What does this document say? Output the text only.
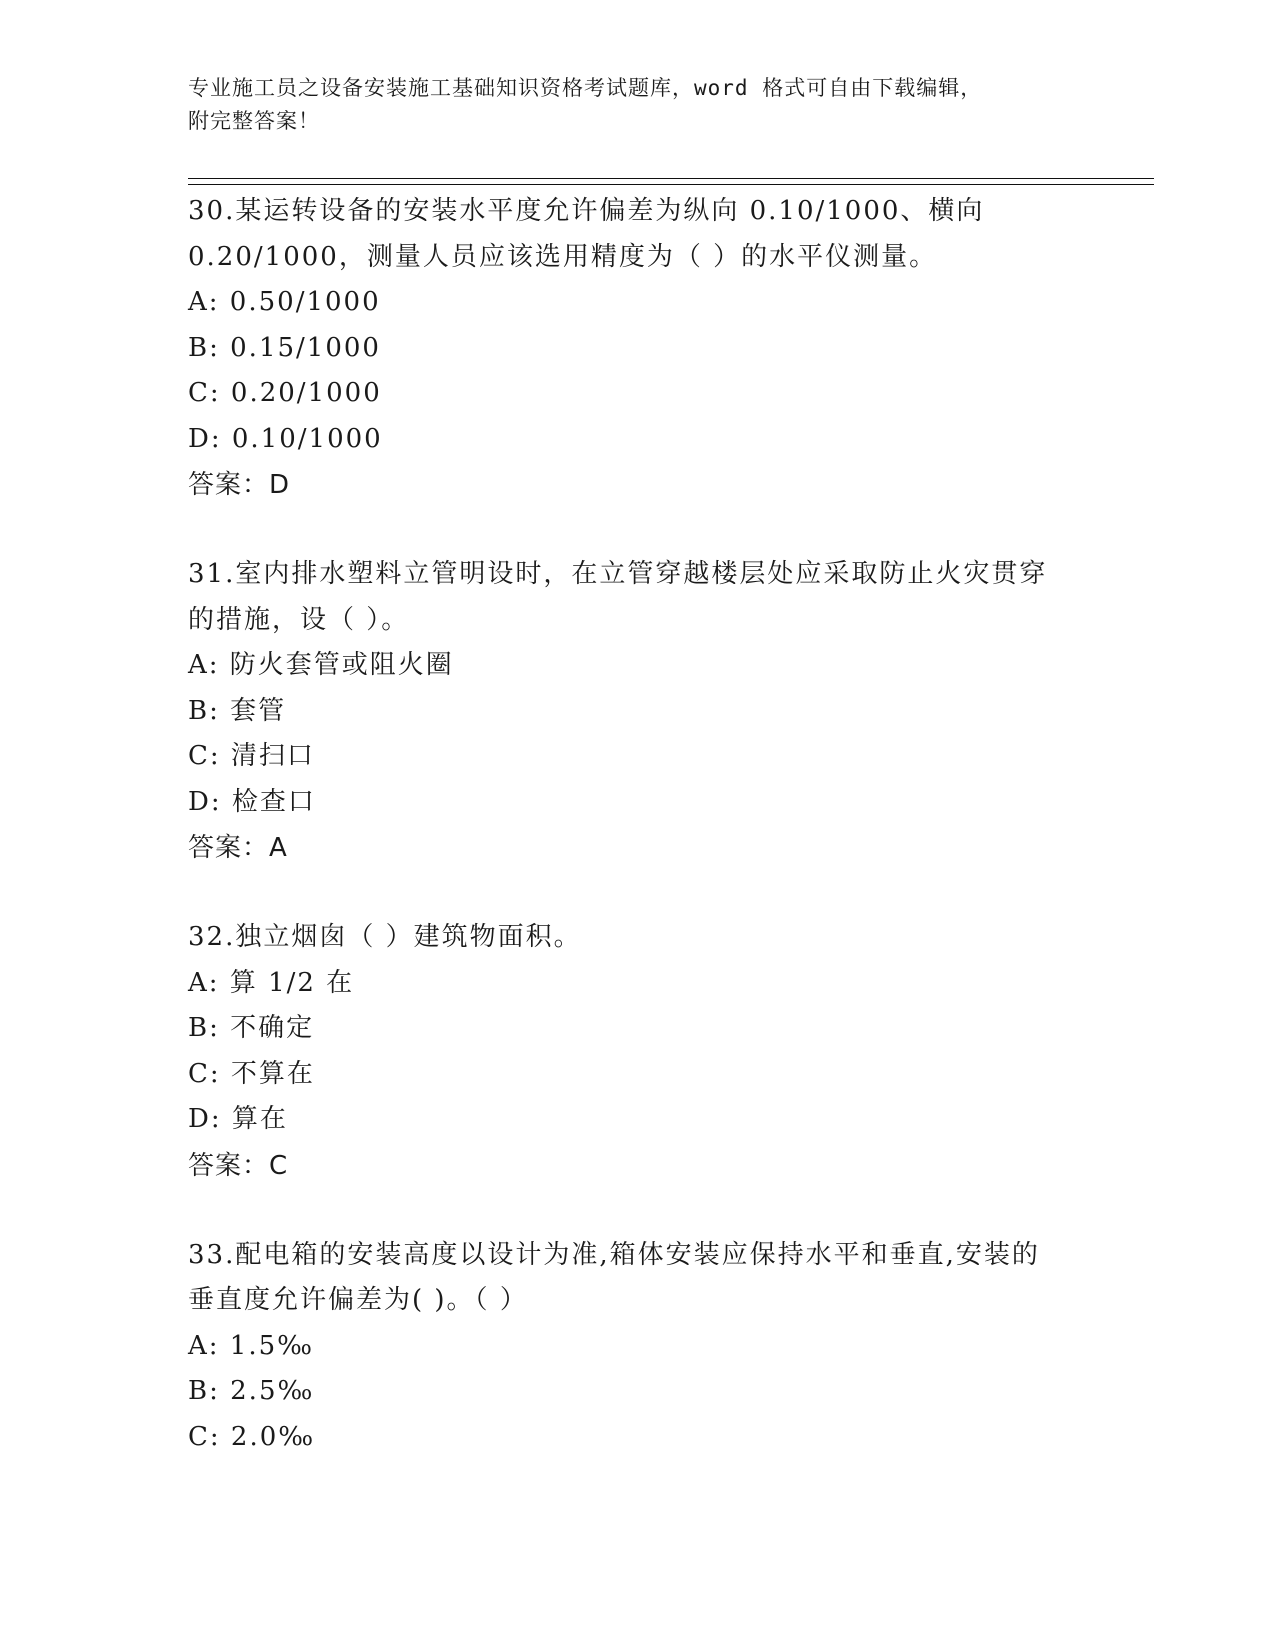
专业施工员之设备安装施工基础知识资格考试题库，word 格式可自由下载编辑，
附完整答案！
30.某运转设备的安装水平度允许偏差为纵向 0.10/1000、横向
0.20/1000，测量人员应该选用精度为（ ）的水平仪测量。
A: 0.50/1000
B: 0.15/1000
C: 0.20/1000
D: 0.10/1000
答案：D
31.室内排水塑料立管明设时，在立管穿越楼层处应采取防止火灾贯穿
的措施，设（ ）。
A: 防火套管或阻火圈
B: 套管
C: 清扫口
D: 检查口
答案：A
32.独立烟囱（ ）建筑物面积。
A: 算 1/2 在
B: 不确定
C: 不算在
D: 算在
答案：C
33.配电箱的安装高度以设计为准,箱体安装应保持水平和垂直,安装的
垂直度允许偏差为( )。（ ）
A: 1.5‰
B: 2.5‰
C: 2.0‰
